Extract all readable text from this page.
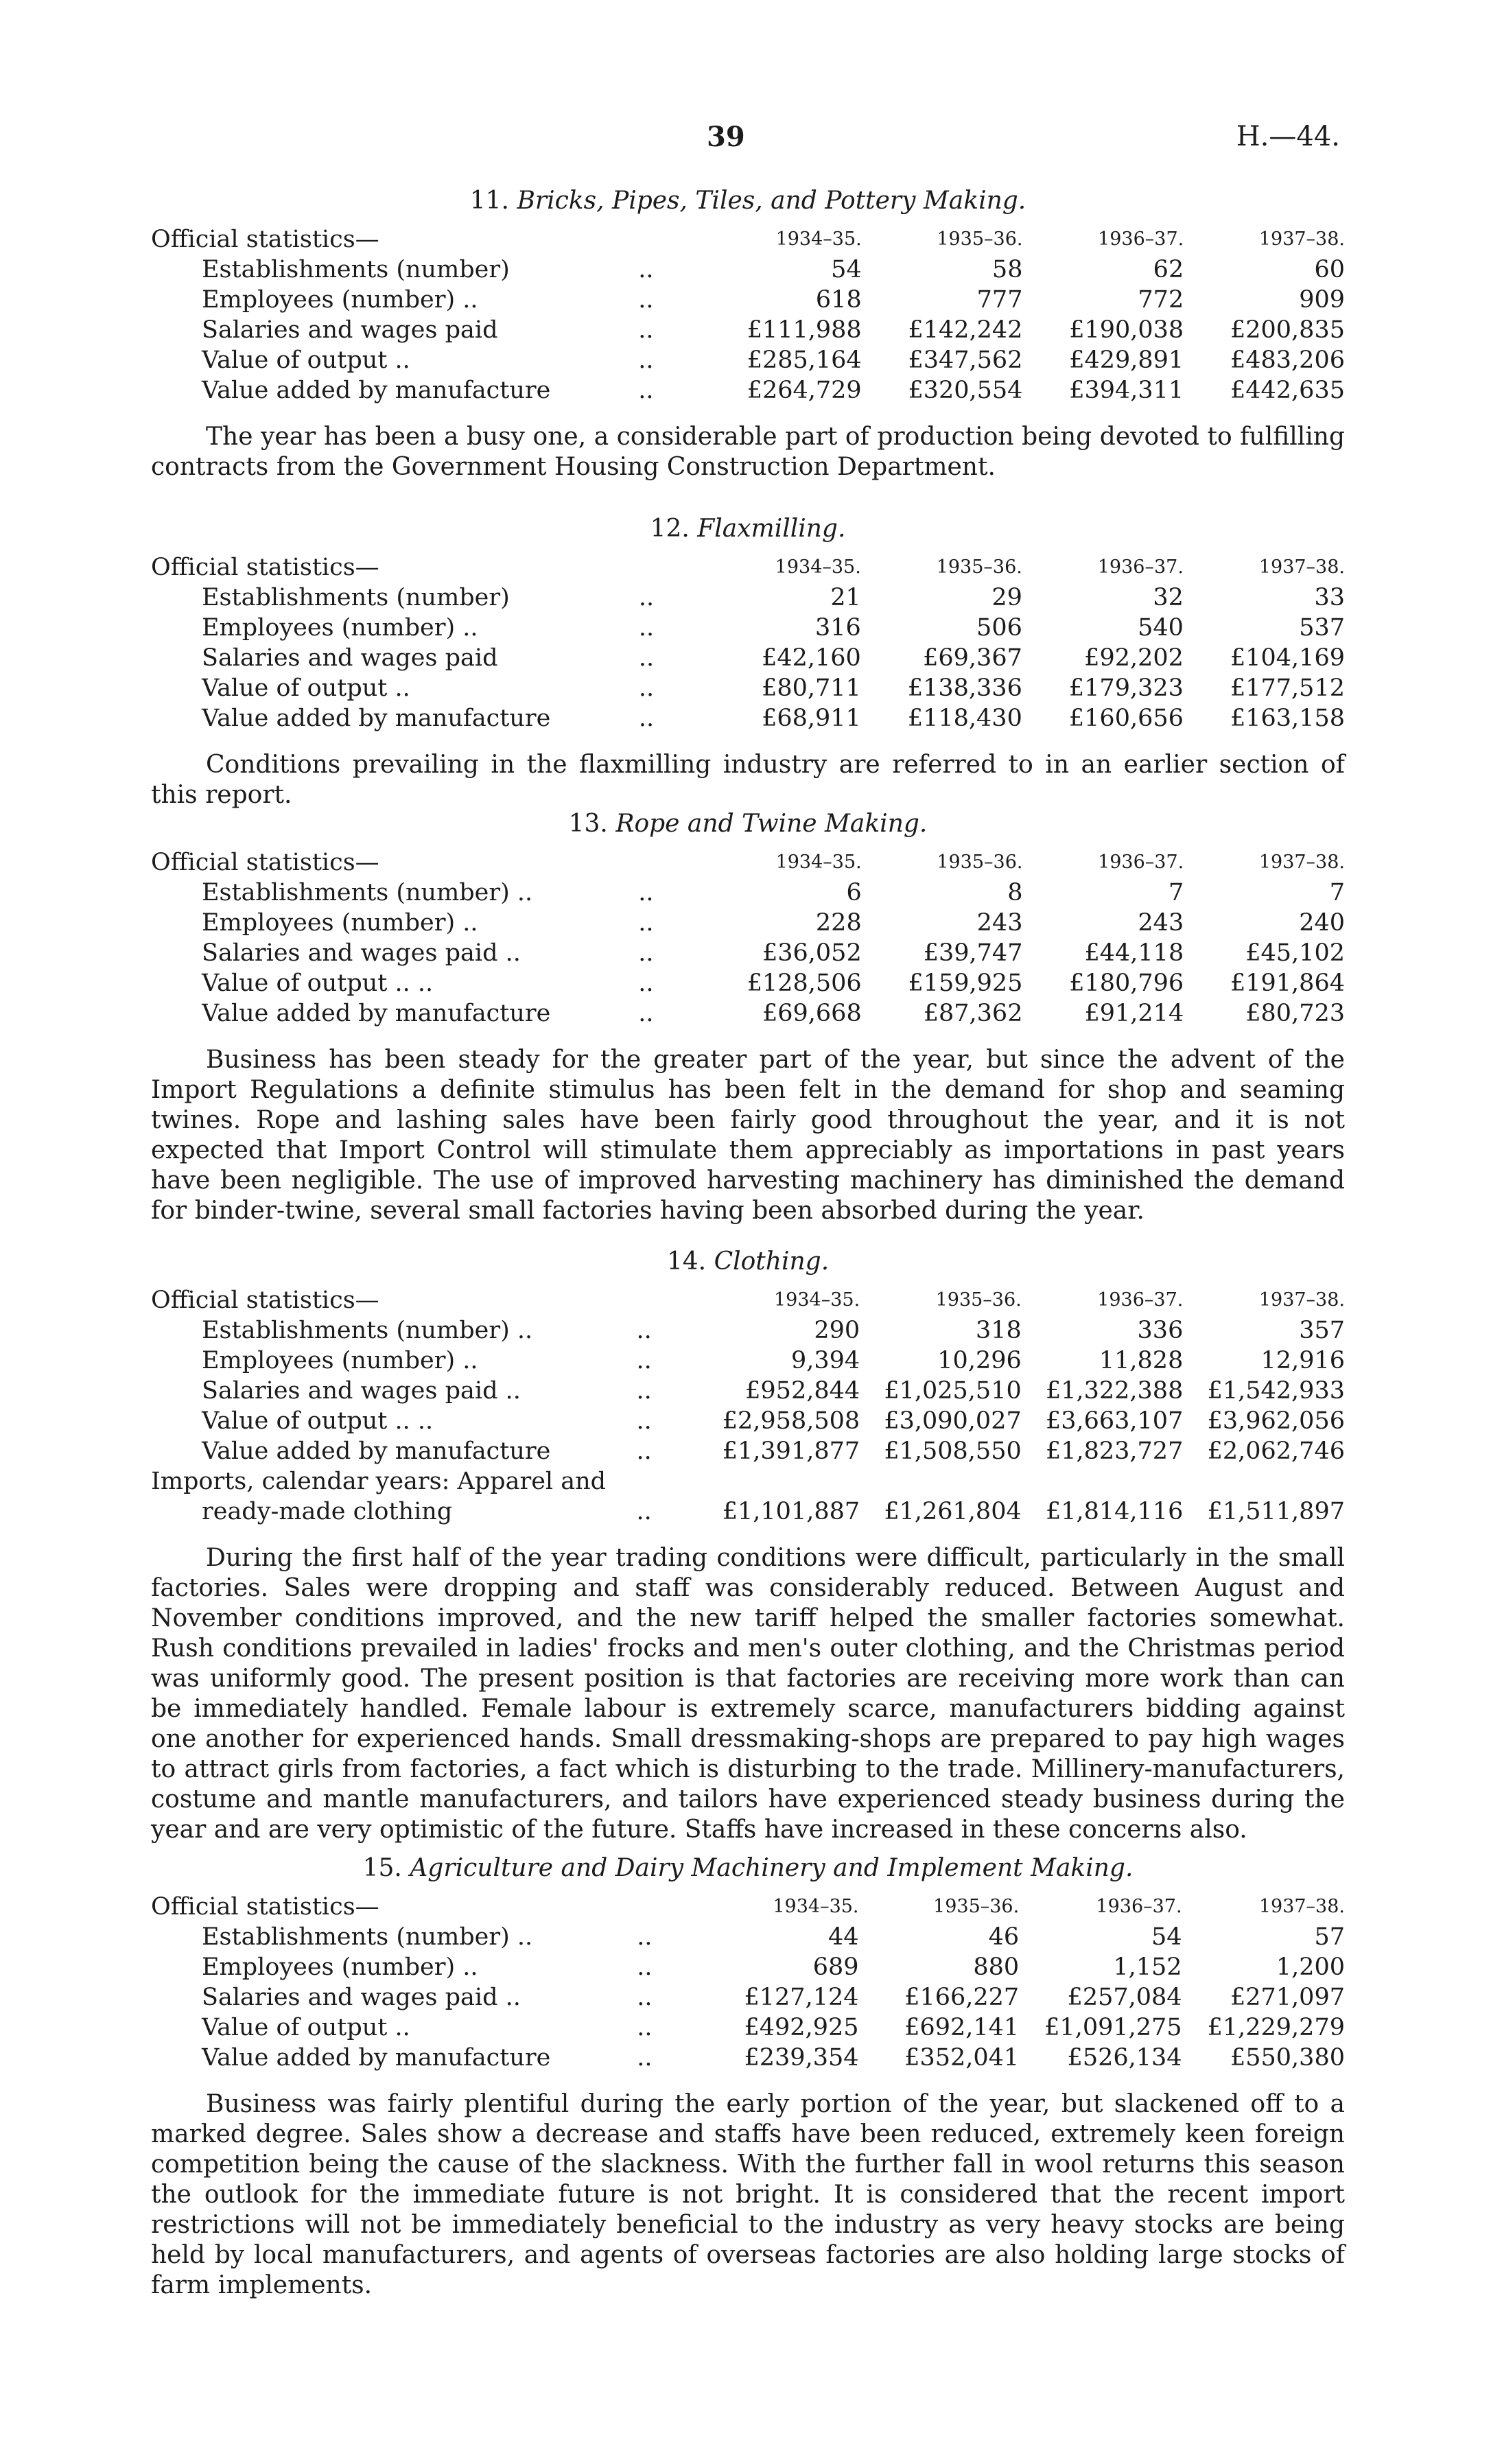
39	H.—44.
11. Bricks, Pipes, Tiles, and Pottery Making.
Official statistics—		1934–35.	1935–36.	1936–37.	1937–38.
Establishments (number)	..	54	58	62	60
Employees (number) ..	..	618	777	772	909
Salaries and wages paid	..	£111,988	£142,242	£190,038	£200,835
Value of output ..	..	£285,164	£347,562	£429,891	£483,206
Value added by manufacture	..	£264,729	£320,554	£394,311	£442,635

The year has been a busy one, a considerable part of production being devoted to fulfilling contracts from the Government Housing Construction Department.

12. Flaxmilling.
Official statistics—		1934–35.	1935–36.	1936–37.	1937–38.
Establishments (number)	..	21	29	32	33
Employees (number) ..	..	316	506	540	537
Salaries and wages paid	..	£42,160	£69,367	£92,202	£104,169
Value of output ..	..	£80,711	£138,336	£179,323	£177,512
Value added by manufacture	..	£68,911	£118,430	£160,656	£163,158

Conditions prevailing in the flaxmilling industry are referred to in an earlier section of this report.

13. Rope and Twine Making.
Official statistics—		1934–35.	1935–36.	1936–37.	1937–38.
Establishments (number) ..	..	6	8	7	7
Employees (number) ..	..	228	243	243	240
Salaries and wages paid ..	..	£36,052	£39,747	£44,118	£45,102
Value of output .. ..	..	£128,506	£159,925	£180,796	£191,864
Value added by manufacture	..	£69,668	£87,362	£91,214	£80,723

Business has been steady for the greater part of the year, but since the advent of the Import Regulations a definite stimulus has been felt in the demand for shop and seaming twines. Rope and lashing sales have been fairly good throughout the year, and it is not expected that Import Control will stimulate them appreciably as importations in past years have been negligible. The use of improved harvesting machinery has diminished the demand for binder-twine, several small factories having been absorbed during the year.

14. Clothing.
Official statistics—		1934–35.	1935–36.	1936–37.	1937–38.
Establishments (number) ..	..	290	318	336	357
Employees (number) ..	..	9,394	10,296	11,828	12,916
Salaries and wages paid ..	..	£952,844	£1,025,510	£1,322,388	£1,542,933
Value of output .. ..	..	£2,958,508	£3,090,027	£3,663,107	£3,962,056
Value added by manufacture	..	£1,391,877	£1,508,550	£1,823,727	£2,062,746
Imports, calendar years: Apparel and					
ready-made clothing	..	£1,101,887	£1,261,804	£1,814,116	£1,511,897

During the first half of the year trading conditions were difficult, particularly in the small factories. Sales were dropping and staff was considerably reduced. Between August and November conditions improved, and the new tariff helped the smaller factories somewhat. Rush conditions prevailed in ladies' frocks and men's outer clothing, and the Christmas period was uniformly good. The present position is that factories are receiving more work than can be immediately handled. Female labour is extremely scarce, manufacturers bidding against one another for experienced hands. Small dressmaking-shops are prepared to pay high wages to attract girls from factories, a fact which is disturbing to the trade. Millinery-manufacturers, costume and mantle manufacturers, and tailors have experienced steady business during the year and are very optimistic of the future. Staffs have increased in these concerns also.

15. Agriculture and Dairy Machinery and Implement Making.
Official statistics—		1934–35.	1935–36.	1936–37.	1937–38.
Establishments (number) ..	..	44	46	54	57
Employees (number) ..	..	689	880	1,152	1,200
Salaries and wages paid ..	..	£127,124	£166,227	£257,084	£271,097
Value of output ..	..	£492,925	£692,141	£1,091,275	£1,229,279
Value added by manufacture	..	£239,354	£352,041	£526,134	£550,380

Business was fairly plentiful during the early portion of the year, but slackened off to a marked degree. Sales show a decrease and staffs have been reduced, extremely keen foreign competition being the cause of the slackness. With the further fall in wool returns this season the outlook for the immediate future is not bright. It is considered that the recent import restrictions will not be immediately beneficial to the industry as very heavy stocks are being held by local manufacturers, and agents of overseas factories are also holding large stocks of farm implements.
